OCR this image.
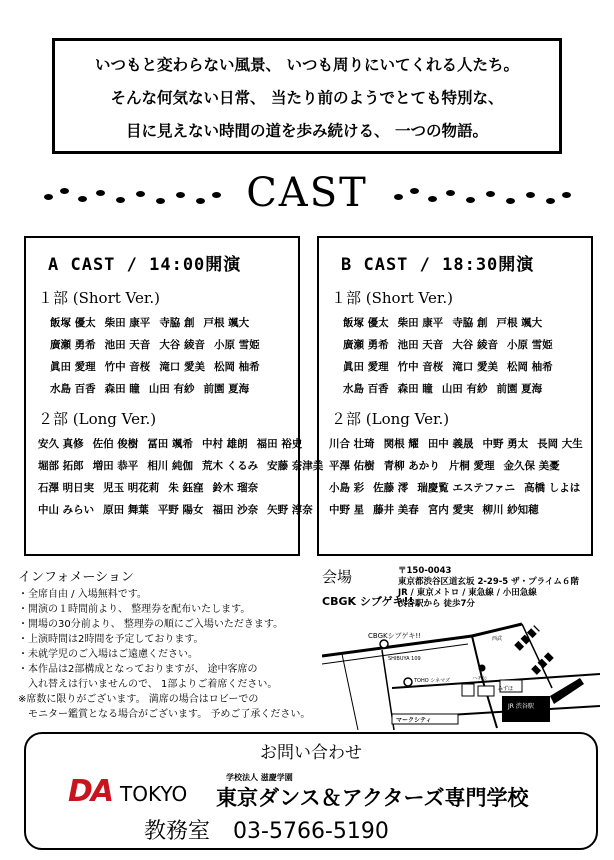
いつもと変わらない風景、 いつも周りにいてくれる人たち。
そんな何気ない日常、 当たり前のようでとても特別な、
目に見えない時間の道を歩み続ける、 一つの物語。
CAST
A CAST / 14:00開演
１部 (Short Ver.)
飯塚 優太 柴田 康平 寺脇 創 戸根 颯大
廣瀬 勇希 池田 天音 大谷 綾音 小原 雪姫
眞田 愛理 竹中 音桜 滝口 愛美 松岡 柚希
水島 百香 森田 瞳 山田 有紗 前園 夏海
２部 (Long Ver.)
安久 真修 佐伯 俊樹 冨田 颯希 中村 雄朗 福田 裕史
堀部 拓郎 増田 恭平 相川 純伽 荒木 くるみ 安藤 奈津美
石澤 明日実 児玉 明花莉 朱 鈺窪 鈴木 瑠奈
中山 みらい 原田 舞葉 平野 陽女 福田 沙奈 矢野 淳奈
B CAST / 18:30開演
１部 (Short Ver.)
飯塚 優太 柴田 康平 寺脇 創 戸根 颯大
廣瀬 勇希 池田 天音 大谷 綾音 小原 雪姫
眞田 愛理 竹中 音桜 滝口 愛美 松岡 柚希
水島 百香 森田 瞳 山田 有紗 前園 夏海
２部 (Long Ver.)
川合 壮琦 関根 耀 田中 義晟 中野 勇太 長岡 大生
平澤 佑樹 青柳 あかり 片桐 愛理 金久保 美憂
小島 彩 佐藤 澪 瑞慶覧 エステファニ 高橋 しよは
中野 星 藤井 美春 宮内 愛実 柳川 紗知穂
インフォメーション
・全席自由 / 入場無料です。
・開演の１時間前より、 整理券を配布いたします。
・開場の30分前より、 整理券の順にご入場いただきます。
・上演時間は2時間を予定しております。
・未就学児のご入場はご遠慮ください。
・本作品は2部構成となっておりますが、 途中客席の
　入れ替えは行いませんので、 1部よりご着席ください。
※席数に限りがございます。 満席の場合はロビーでの
　モニター鑑賞となる場合がございます。 予めご了承ください。
会場
CBGK シブゲキ!!
〒150-0043
東京都渋谷区道玄坂 2-29-5 ザ・プライム６階
JR / 東京メトロ / 東急線 / 小田急線
渋谷駅から 徒歩7分
CBGKシブゲキ!!
SHIBUYA 109
TOHO シネマズ
マークシティ
JR 渋谷駅
ハチ公
西武
みずほ
お問い合わせ
DA TOKYO
学校法人 滋慶学園
東京ダンス＆アクターズ専門学校
教務室 03-5766-5190
